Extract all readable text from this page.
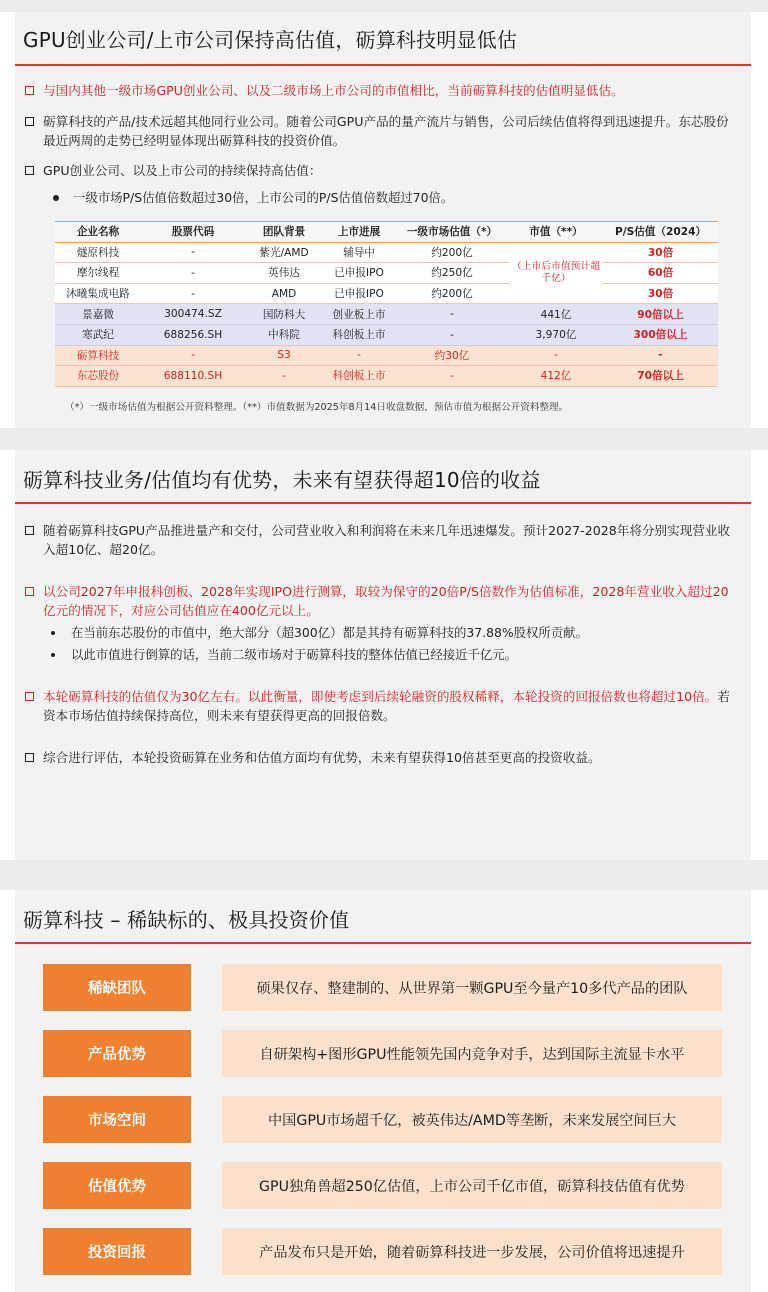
GPU创业公司/上市公司保持高估值，砺算科技明显低估
与国内其他一级市场GPU创业公司、以及二级市场上市公司的市值相比，当前砺算科技的估值明显低估。
砺算科技的产品/技术远超其他同行业公司。随着公司GPU产品的量产流片与销售，公司后续估值将得到迅速提升。东芯股份最近两周的走势已经明显体现出砺算科技的投资价值。
GPU创业公司、以及上市公司的持续保持高估值：
一级市场P/S估值倍数超过30倍，上市公司的P/S估值倍数超过70倍。
企业名称	股票代码	团队背景	上市进展	一级市场估值（*）	市值（**）	P/S估值（2024）
燧原科技	-	紫光/AMD	辅导中	约200亿	（上市后市值预计超千亿）	30倍
摩尔线程	-	英伟达	已申报IPO	约250亿		60倍
沐曦集成电路	-	AMD	已申报IPO	约200亿		30倍
景嘉微	300474.SZ	国防科大	创业板上市	-	441亿	90倍以上
寒武纪	688256.SH	中科院	科创板上市	-	3,970亿	300倍以上
砺算科技	-	S3	-	约30亿	-	-
东芯股份	688110.SH	-	科创板上市	-	412亿	70倍以上
（*）一级市场估值为根据公开资料整理。（**）市值数据为2025年8月14日收盘数据，预估市值为根据公开资料整理。
砺算科技业务/估值均有优势，未来有望获得超10倍的收益
随着砺算科技GPU产品推进量产和交付，公司营业收入和利润将在未来几年迅速爆发。预计2027-2028年将分别实现营业收入超10亿、超20亿。
以公司2027年申报科创板、2028年实现IPO进行测算，取较为保守的20倍P/S倍数作为估值标准，2028年营业收入超过20亿元的情况下，对应公司估值应在400亿元以上。
在当前东芯股份的市值中，绝大部分（超300亿）都是其持有砺算科技的37.88%股权所贡献。
以此市值进行倒算的话，当前二级市场对于砺算科技的整体估值已经接近千亿元。
本轮砺算科技的估值仅为30亿左右。以此衡量，即使考虑到后续轮融资的股权稀释，本轮投资的回报倍数也将超过10倍。若资本市场估值持续保持高位，则未来有望获得更高的回报倍数。
综合进行评估，本轮投资砺算在业务和估值方面均有优势，未来有望获得10倍甚至更高的投资收益。
砺算科技 – 稀缺标的、极具投资价值
稀缺团队	硕果仅存、整建制的、从世界第一颗GPU至今量产10多代产品的团队
产品优势	自研架构+图形GPU性能领先国内竞争对手，达到国际主流显卡水平
市场空间	中国GPU市场超千亿，被英伟达/AMD等垄断，未来发展空间巨大
估值优势	GPU独角兽超250亿估值，上市公司千亿市值，砺算科技估值有优势
投资回报	产品发布只是开始，随着砺算科技进一步发展，公司价值将迅速提升
